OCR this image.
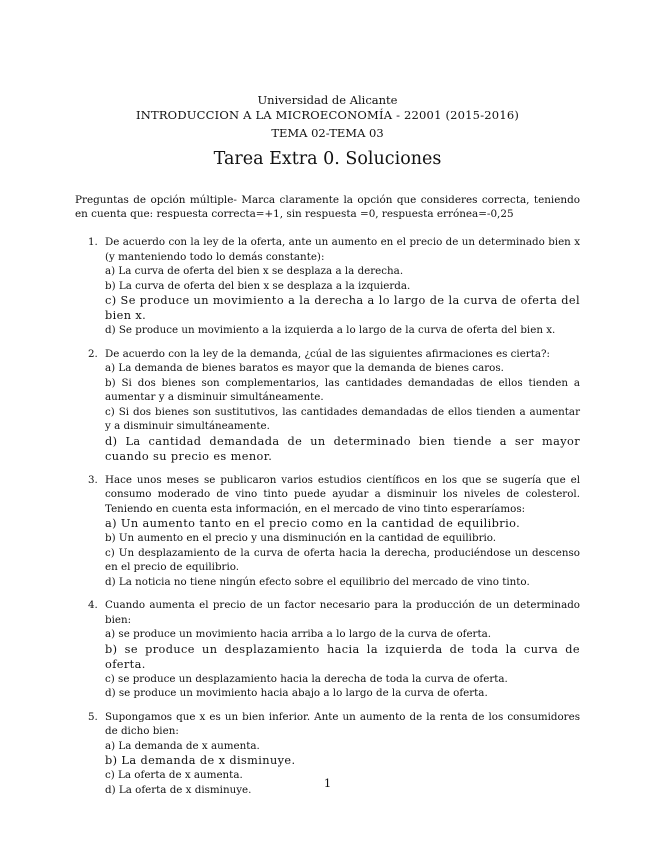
Universidad de Alicante
INTRODUCCION A LA MICROECONOMÍA - 22001 (2015-2016)
TEMA 02-TEMA 03
Tarea Extra 0. Soluciones
Preguntas de opción múltiple- Marca claramente la opción que consideres correcta, teniendo en cuenta que: respuesta correcta=+1, sin respuesta =0, respuesta errónea=-0,25
1. De acuerdo con la ley de la oferta, ante un aumento en el precio de un determinado bien x (y manteniendo todo lo demás constante):
a) La curva de oferta del bien x se desplaza a la derecha.
b) La curva de oferta del bien x se desplaza a la izquierda.
c) Se produce un movimiento a la derecha a lo largo de la curva de oferta del bien x.
d) Se produce un movimiento a la izquierda a lo largo de la curva de oferta del bien x.
2. De acuerdo con la ley de la demanda, ¿cúal de las siguientes afirmaciones es cierta?:
a) La demanda de bienes baratos es mayor que la demanda de bienes caros.
b) Si dos bienes son complementarios, las cantidades demandadas de ellos tienden a aumentar y a disminuir simultáneamente.
c) Si dos bienes son sustitutivos, las cantidades demandadas de ellos tienden a aumentar y a disminuir simultáneamente.
d) La cantidad demandada de un determinado bien tiende a ser mayor cuando su precio es menor.
3. Hace unos meses se publicaron varios estudios científicos en los que se sugería que el consumo moderado de vino tinto puede ayudar a disminuir los niveles de colesterol. Teniendo en cuenta esta información, en el mercado de vino tinto esperaríamos:
a) Un aumento tanto en el precio como en la cantidad de equilibrio.
b) Un aumento en el precio y una disminución en la cantidad de equilibrio.
c) Un desplazamiento de la curva de oferta hacia la derecha, produciéndose un descenso en el precio de equilibrio.
d) La noticia no tiene ningún efecto sobre el equilibrio del mercado de vino tinto.
4. Cuando aumenta el precio de un factor necesario para la producción de un determinado bien:
a) se produce un movimiento hacia arriba a lo largo de la curva de oferta.
b) se produce un desplazamiento hacia la izquierda de toda la curva de oferta.
c) se produce un desplazamiento hacia la derecha de toda la curva de oferta.
d) se produce un movimiento hacia abajo a lo largo de la curva de oferta.
5. Supongamos que x es un bien inferior. Ante un aumento de la renta de los consumidores de dicho bien:
a) La demanda de x aumenta.
b) La demanda de x disminuye.
c) La oferta de x aumenta.
d) La oferta de x disminuye.	1
